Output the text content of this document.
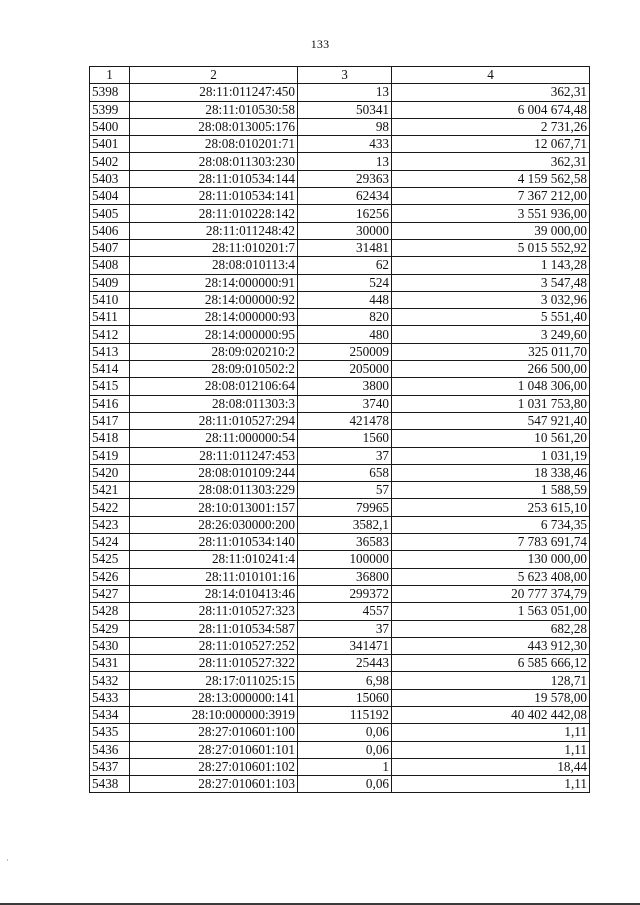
133
1	2	3	4
5398	28:11:011247:450	13	362,31
5399	28:11:010530:58	50341	6 004 674,48
5400	28:08:013005:176	98	2 731,26
5401	28:08:010201:71	433	12 067,71
5402	28:08:011303:230	13	362,31
5403	28:11:010534:144	29363	4 159 562,58
5404	28:11:010534:141	62434	7 367 212,00
5405	28:11:010228:142	16256	3 551 936,00
5406	28:11:011248:42	30000	39 000,00
5407	28:11:010201:7	31481	5 015 552,92
5408	28:08:010113:4	62	1 143,28
5409	28:14:000000:91	524	3 547,48
5410	28:14:000000:92	448	3 032,96
5411	28:14:000000:93	820	5 551,40
5412	28:14:000000:95	480	3 249,60
5413	28:09:020210:2	250009	325 011,70
5414	28:09:010502:2	205000	266 500,00
5415	28:08:012106:64	3800	1 048 306,00
5416	28:08:011303:3	3740	1 031 753,80
5417	28:11:010527:294	421478	547 921,40
5418	28:11:000000:54	1560	10 561,20
5419	28:11:011247:453	37	1 031,19
5420	28:08:010109:244	658	18 338,46
5421	28:08:011303:229	57	1 588,59
5422	28:10:013001:157	79965	253 615,10
5423	28:26:030000:200	3582,1	6 734,35
5424	28:11:010534:140	36583	7 783 691,74
5425	28:11:010241:4	100000	130 000,00
5426	28:11:010101:16	36800	5 623 408,00
5427	28:14:010413:46	299372	20 777 374,79
5428	28:11:010527:323	4557	1 563 051,00
5429	28:11:010534:587	37	682,28
5430	28:11:010527:252	341471	443 912,30
5431	28:11:010527:322	25443	6 585 666,12
5432	28:17:011025:15	6,98	128,71
5433	28:13:000000:141	15060	19 578,00
5434	28:10:000000:3919	115192	40 402 442,08
5435	28:27:010601:100	0,06	1,11
5436	28:27:010601:101	0,06	1,11
5437	28:27:010601:102	1	18,44
5438	28:27:010601:103	0,06	1,11
·
